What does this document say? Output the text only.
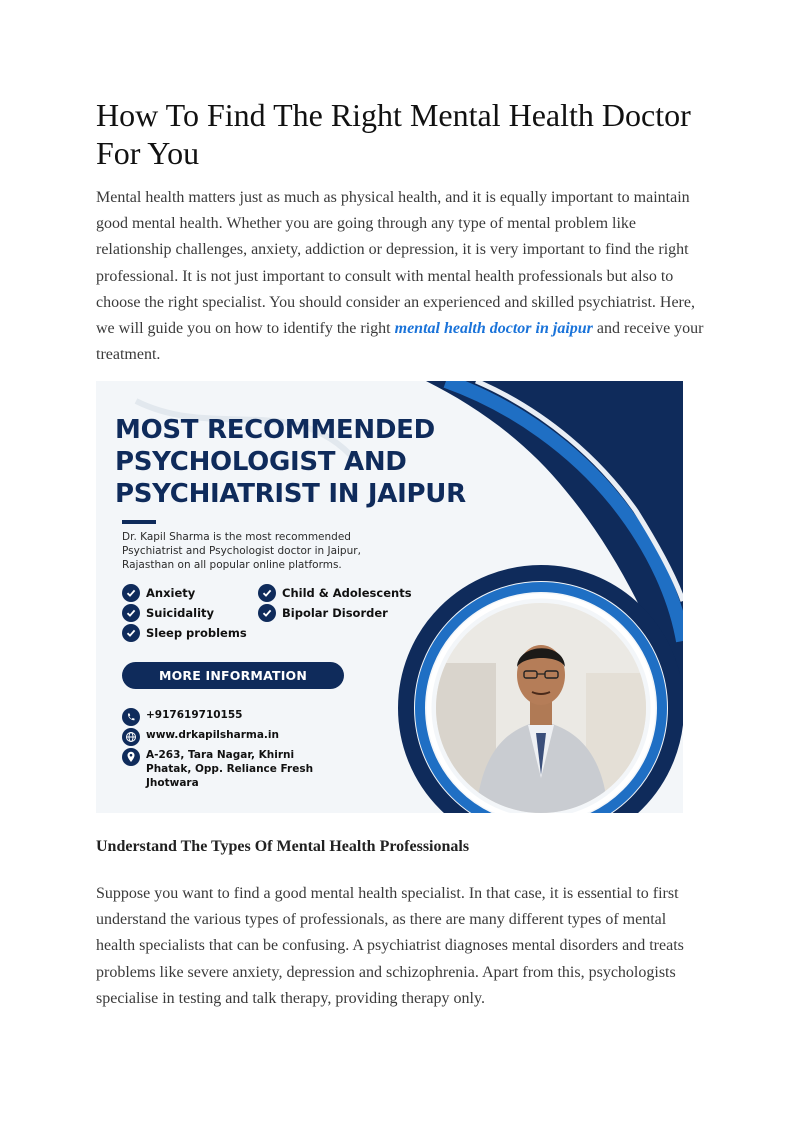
How To Find The Right Mental Health Doctor For You

Mental health matters just as much as physical health, and it is equally important to maintain good mental health. Whether you are going through any type of mental problem like relationship challenges, anxiety, addiction or depression, it is very important to find the right professional. It is not just important to consult with mental health professionals but also to choose the right specialist. You should consider an experienced and skilled psychiatrist. Here, we will guide you on how to identify the right mental health doctor in jaipur and receive your treatment.

MOST RECOMMENDED
PSYCHOLOGIST AND
PSYCHIATRIST IN JAIPUR

Dr. Kapil Sharma is the most recommended Psychiatrist and Psychologist doctor in Jaipur, Rajasthan on all popular online platforms.

Anxiety
Suicidality
Sleep problems
Child & Adolescents
Bipolar Disorder
MORE INFORMATION
+917619710155
www.drkapilsharma.in
A-263, Tara Nagar, Khirni Phatak, Opp. Reliance Fresh Jhotwara
Understand The Types Of Mental Health Professionals

Suppose you want to find a good mental health specialist. In that case, it is essential to first understand the various types of professionals, as there are many different types of mental health specialists that can be confusing. A psychiatrist diagnoses mental disorders and treats problems like severe anxiety, depression and schizophrenia. Apart from this, psychologists specialise in testing and talk therapy, providing therapy only.
